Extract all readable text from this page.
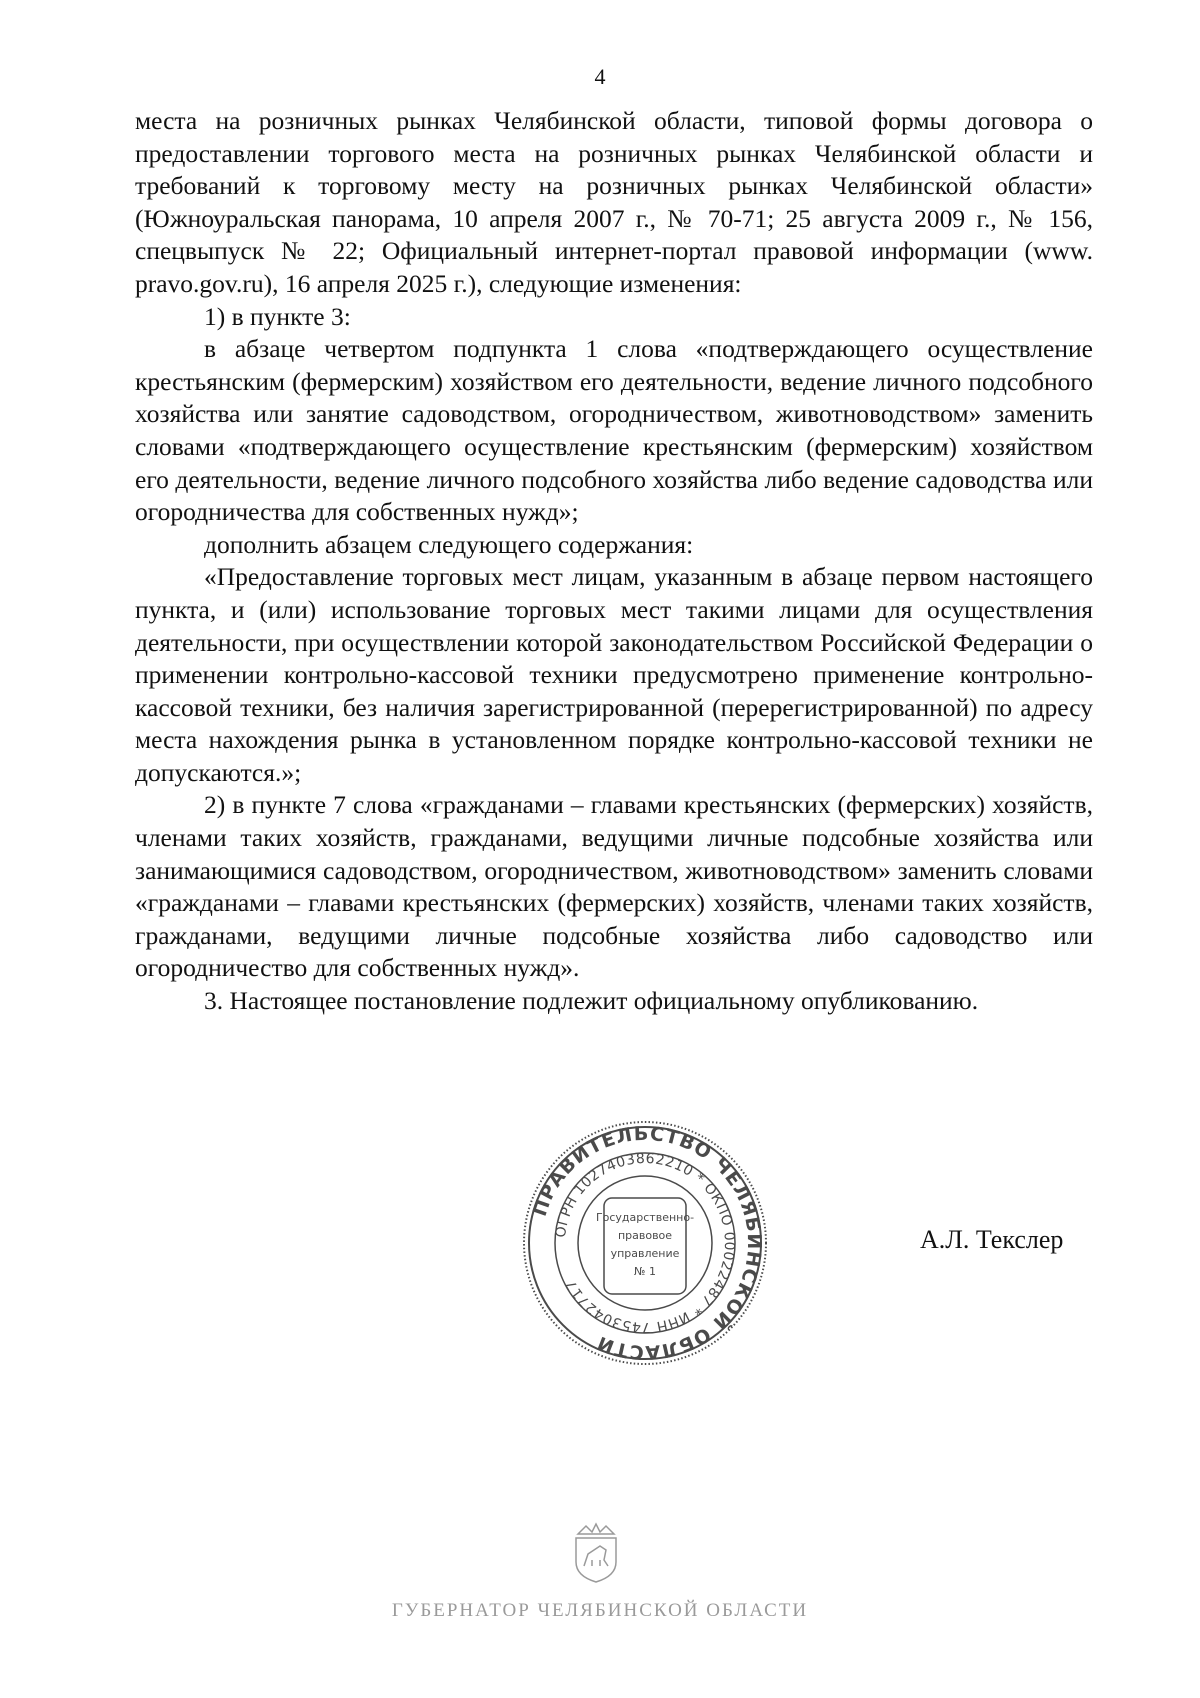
4

места на розничных рынках Челябинской области, типовой формы договора о предоставлении торгового места на розничных рынках Челябинской области и требований к торговому месту на розничных рынках Челябинской области» (Южноуральская панорама, 10 апреля 2007 г., № 70-71; 25 августа 2009 г., № 156, спецвыпуск № 22; Официальный интернет-портал правовой информации (www. pravo.gov.ru), 16 апреля 2025 г.), следующие изменения:

1) в пункте 3:

в абзаце четвертом подпункта 1 слова «подтверждающего осуществление крестьянским (фермерским) хозяйством его деятельности, ведение личного подсобного хозяйства или занятие садоводством, огородничеством, животноводством» заменить словами «подтверждающего осуществление крестьянским (фермерским) хозяйством его деятельности, ведение личного подсобного хозяйства либо ведение садоводства или огородничества для собственных нужд»;

дополнить абзацем следующего содержания:

«Предоставление торговых мест лицам, указанным в абзаце первом настоящего пункта, и (или) использование торговых мест такими лицами для осуществления деятельности, при осуществлении которой законодательством Российской Федерации о применении контрольно-кассовой техники предусмотрено применение контрольно-кассовой техники, без наличия зарегистрированной (перерегистрированной) по адресу места нахождения рынка в установленном порядке контрольно-кассовой техники не допускаются.»;

2) в пункте 7 слова «гражданами – главами крестьянских (фермерских) хозяйств, членами таких хозяйств, гражданами, ведущими личные подсобные хозяйства или занимающимися садоводством, огородничеством, животноводством» заменить словами «гражданами – главами крестьянских (фермерских) хозяйств, членами таких хозяйств, гражданами, ведущими личные подсобные хозяйства либо садоводство или огородничество для собственных нужд».

3. Настоящее постановление подлежит официальному опубликованию.

ПРАВИТЕЛЬСТВО ЧЕЛЯБИНСКОЙ ОБЛАСТИ
ОГРН 1027403862210 * ОКПО 00022487 * ИНН 7453042717
Государственно-
правовое
управление
№ 1
А.Л. Текслер
ГУБЕРНАТОР ЧЕЛЯБИНСКОЙ ОБЛАСТИ
